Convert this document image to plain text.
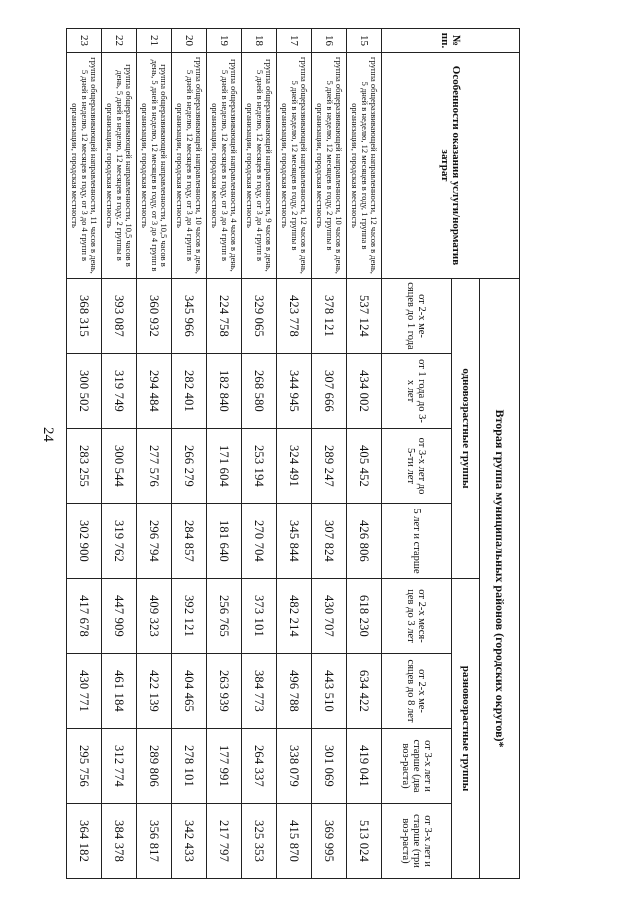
24
№ пп.	Особенности оказания услуги/норматив затрат	Вторая группа муниципальных районов (городских округов)*							
		одновозрастные группы				разновозрастные группы			
		от 2-х ме-сяцев до 1 года	от 1 года до 3-х лет	от 3-х лет до 5-ти лет	5 лет и старше	от 2-х меся-цев до 3 лет	от 2-х ме-сяцев до 8 лет	от 3-х лет и старше (два воз-раста)	от 3-х лет и старше (три воз-раста)
15	группа общеразвивающей направленности, 12 часов в день, 5 дней в неделю, 12 месяцев в году, 1 группа в организации, городская местность	537 124	434 002	405 452	426 806	618 230	634 422	419 041	513 024
16	группа общеразвивающей направленности, 10 часов в день, 5 дней в неделю, 12 месяцев в году, 2 группы в организации, городская местность	378 121	307 666	289 247	307 824	430 707	443 510	301 069	369 995
17	группа общеразвивающей направленности, 12 часов в день, 5 дней в неделю, 12 месяцев в году, 2 группы в организации, городская местность	423 778	344 945	324 491	345 844	482 214	496 788	338 079	415 870
18	группа общеразвивающей направленности, 9 часов в день, 5 дней в неделю, 12 месяцев в году, от 3 до 4 групп в организации, городская местность	329 065	268 580	253 194	270 704	373 101	384 773	264 337	325 353
19	группа общеразвивающей направленности, 4 часов в день, 5 дней в неделю, 12 месяцев в году, от 3 до 4 групп в организации, городская местность	224 758	182 840	171 604	181 640	256 765	263 939	177 991	217 797
20	группа общеразвивающей направленности, 10 часов в день, 5 дней в неделю, 12 месяцев в году, от 3 до 4 групп в организации, городская местность	345 966	282 401	266 279	284 857	392 121	404 465	278 101	342 433
21	группа общеразвивающей направленности, 10,5 часов в день, 5 дней в неделю, 12 месяцев в году, от 3 до 4 групп в организации, городская местность	360 932	294 484	277 576	296 794	409 323	422 139	289 806	356 817
22	группа общеразвивающей направленности, 10,5 часов в день, 5 дней в неделю, 12 месяцев в году, 2 группы в организации, городская местность	393 087	319 749	300 544	319 762	447 909	461 184	312 774	384 378
23	группа общеразвивающей направленности, 11 часов в день, 5 дней в неделю, 12 месяцев в году, от 3 до 4 групп в организации, городская местность	368 315	300 502	283 255	302 900	417 678	430 771	295 756	364 182
